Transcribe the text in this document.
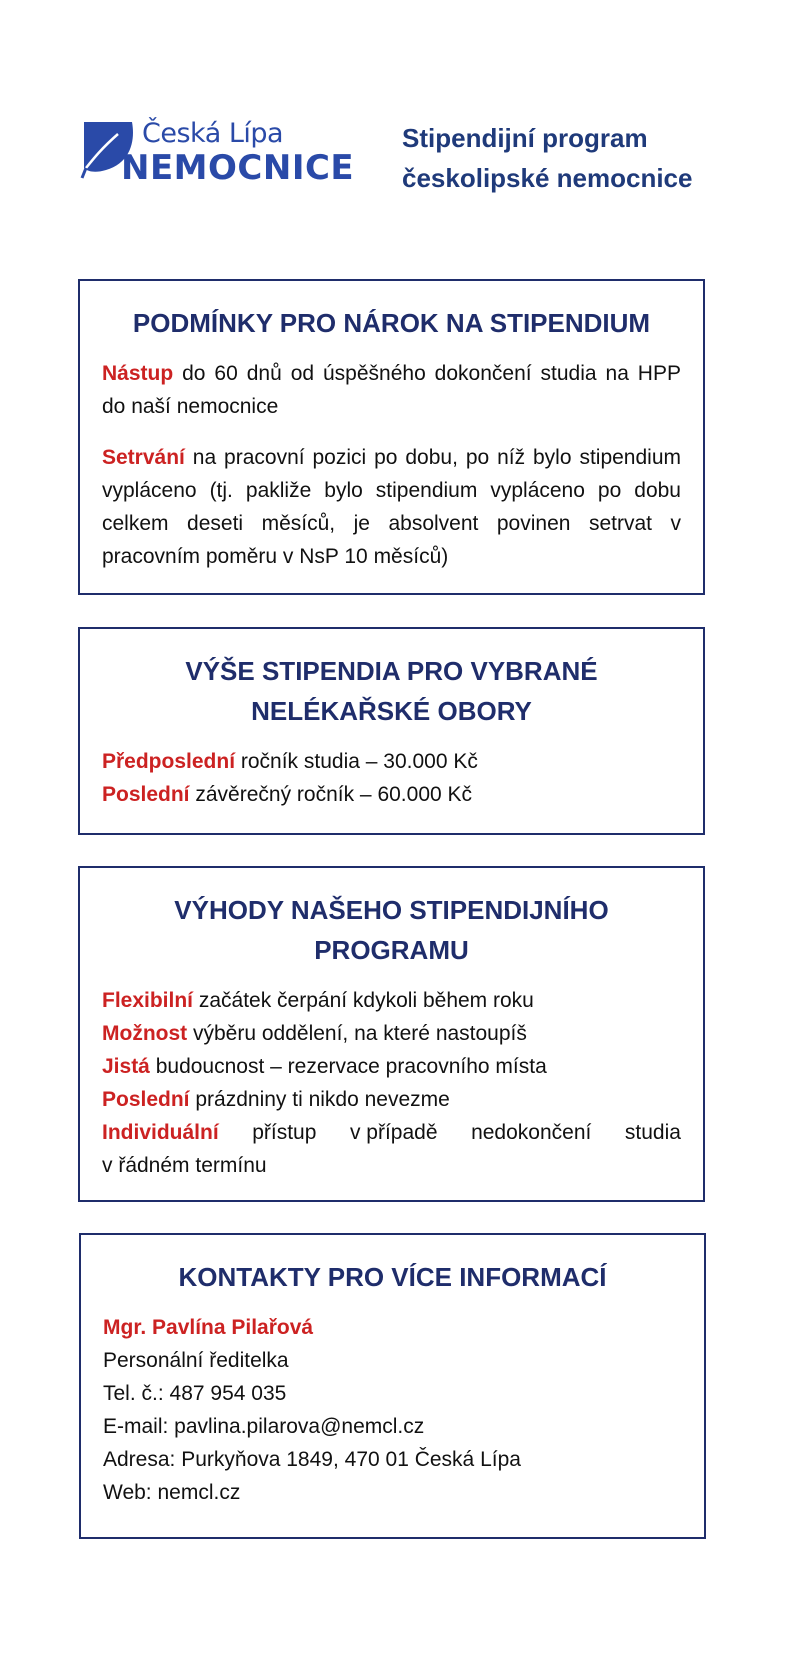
Česká Lípa
NEMOCNICE
Stipendijní program
českolipské nemocnice
PODMÍNKY PRO NÁROK NA STIPENDIUM

Nástup do 60 dnů od úspěšného dokončení studia na HPP do naší nemocnice

Setrvání na pracovní pozici po dobu, po níž bylo stipendium vypláceno (tj. pakliže bylo stipendium vypláceno po dobu celkem deseti měsíců, je absolvent povinen setrvat v pracovním poměru v NsP 10 měsíců)

VÝŠE STIPENDIA PRO VYBRANÉ
NELÉKAŘSKÉ OBORY
Předposlední ročník studia – 30.000 Kč
Poslední závěrečný ročník – 60.000 Kč
VÝHODY NAŠEHO STIPENDIJNÍHO
PROGRAMU
Flexibilní začátek čerpání kdykoli během roku
Možnost výběru oddělení, na které nastoupíš
Jistá budoucnost – rezervace pracovního místa
Poslední prázdniny ti nikdo nevezme
Individuální přístup v případě nedokončení studia
v řádném termínu
KONTAKTY PRO VÍCE INFORMACÍ
Mgr. Pavlína Pilařová
Personální ředitelka
Tel. č.: 487 954 035
E-mail: pavlina.pilarova@nemcl.cz
Adresa: Purkyňova 1849, 470 01 Česká Lípa
Web: nemcl.cz
